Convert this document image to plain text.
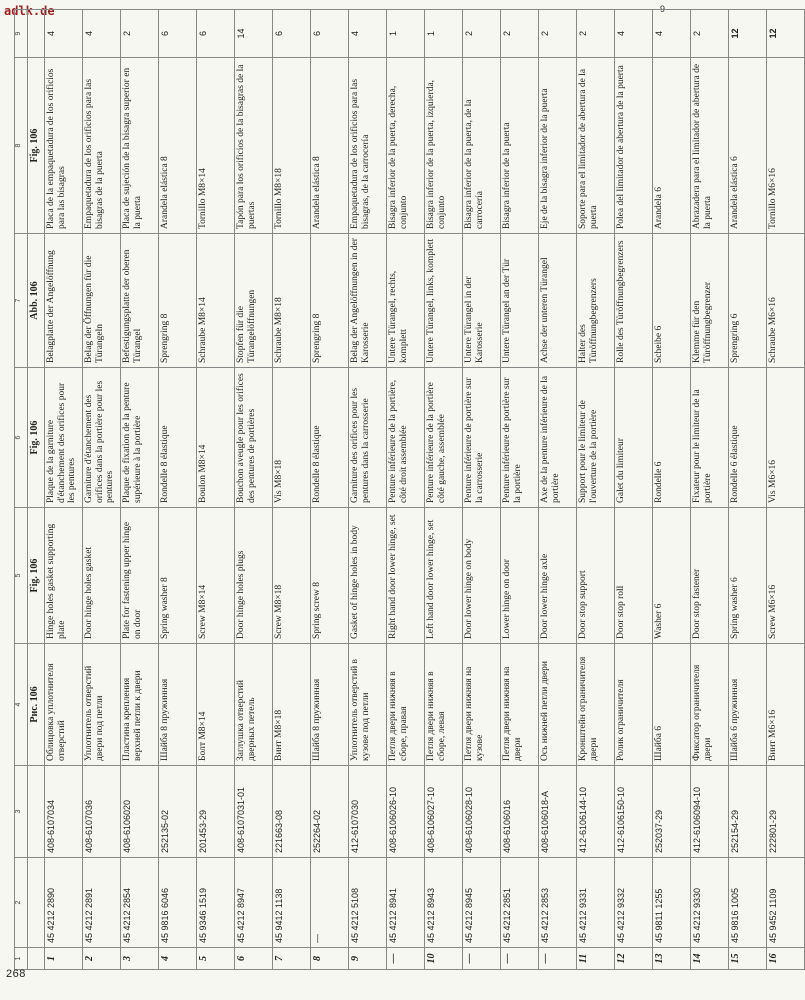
adlk.de	9
1	2	3	4	5	6	7	8	9
			Рис. 106	Fig. 106	Fig. 106	Abb. 106	Fig. 106	
1	45 4212 2890	408-6107034	Облицовка уплотнителя отверстий	Hinge holes gasket supporting plate	Plaque de la garniture d'étanchement des orifices pour les pentures	Belagplatte der Angelöffnung	Placa de la empaquetadura de los orificios para las bisagras	4
2	45 4212 2891	408-6107036	Уплотнитель отверстий двери под петли	Door hinge holes gasket	Garniture d'étanchement des orifices dans la portière pour les pentures	Belag der Öffnungen für die Türangeln	Empaquetadura de los orificios para las bisagras de la puerta	4
3	45 4212 2854	408-6106020	Пластина крепления верхней петли к двери	Plate for fastening upper hinge on door	Plaque de fixation de la penture supérieure à la portière	Befestigungsplatte der oberen Türangel	Placa de sujeción de la bisagra superior en la puerta	2
4	45 9816 6046	252135-02	Шайба 8 пружинная	Spring washer 8	Rondelle 8 élastique	Sprengring 8	Arandela elástica 8	6
5	45 9346 1519	201453-29	Болт М8×14	Screw M8×14	Boulon M8×14	Schraube M8×14	Tornillo M8×14	6
6	45 4212 8947	408-6107031-01	Заглушка отверстий дверных петель	Door hinge holes plugs	Bouchon aveugle pour les orifices des pentures de portières	Stopfen für die Türangelöffnungen	Tapón para los orificios de la bisagras de la puertas	14
7	45 9412 1138	221663-08	Винт М8×18	Screw M8×18	Vis M8×18	Schraube M8×18	Tornillo M8×18	6
8	—	252264-02	Шайба 8 пружинная	Spring screw 8	Rondelle 8 élastique	Sprengring 8	Arandela elástica 8	6
9	45 4212 5108	412-6107030	Уплотнитель отверстий в кузове под петли	Gasket of hinge holes in body	Garniture des orifices pour les pentures dans la carrosserie	Belag der Angelöffnungen in der Karosserie	Empaquetadura de los orificios para las bisagras, de la carrocería	4
—	45 4212 8941	408-6106026-10	Петля двери нижняя в сборе, правая	Right hand door lower hinge, set	Penture inférieure de la portière, côté droit assemblée	Untere Türangel, rechts, komplett	Bisagra inferior de la puerta, derecha, conjunto	1
10	45 4212 8943	408-6106027-10	Петля двери нижняя в сборе, левая	Left hand door lower hinge, set	Penture inférieure de la portière côté gauche, assemblée	Untere Türangel, links, komplett	Bisagra inferior de la puerta, izquierda, conjunto	1
—	45 4212 8945	408-6106028-10	Петля двери нижняя на кузове	Door lower hinge on body	Penture inférieure de portière sur la carrosserie	Untere Türangel in der Karosserie	Bisagra inferior de la puerta, de la carrocería	2
—	45 4212 2851	408-6106016	Петля двери нижняя на двери	Lower hinge on door	Penture inférieure de portière sur la portière	Untere Türangel an der Tür	Bisagra inferior de la puerta	2
—	45 4212 2853	408-6106018-А	Ось нижней петли двери	Door lower hinge axle	Axe de la penture inférieure de la portière	Achse der unteren Türangel	Eje de la bisagra inferior de la puerta	2
11	45 4212 9331	412-6106144-10	Кронштейн ограничителя двери	Door stop support	Support pour le limiteur de l'ouverture de la portière	Halter des Türöffnungbegrenzers	Soporte para el limitador de abertura de la puerta	2
12	45 4212 9332	412-6106150-10	Ролик ограничителя	Door stop roll	Galet du limiteur	Rolle des Türöffnungbegrenzers	Polea del limitador de abertura de la puerta	4
13	45 9811 1255	252037-29	Шайба 6	Washer 6	Rondelle 6	Scheibe 6	Arandela 6	4
14	45 4212 9330	412-6106094-10	Фиксатор ограничителя двери	Door stop fastener	Fixateur pour le limiteur de la portière	Klemme für den Türöffnungbegrenzer	Abrazadera para el limitador de abertura de la puerta	2
15	45 9816 1005	252154-29	Шайба 6 пружинная	Spring washer 6	Rondelle 6 élastique	Sprengring 6	Arandela elástica 6	12
16	45 9452 1109	222801-29	Винт М6×16	Screw M6×16	Vis M6×16	Schraube M6×16	Tornillo M6×16	12
268
